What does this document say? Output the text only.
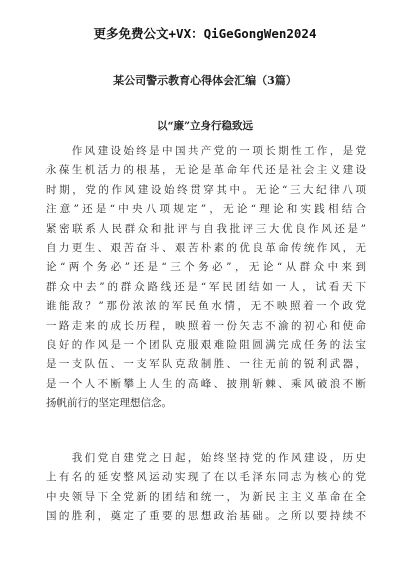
更多免费公文+VX：QiGeGongWen2024
某公司警示教育心得体会汇编（3篇）
以“廉”立身行稳致远
　　作风建设始终是中国共产党的一项长期性工作，是党
永葆生机活力的根基，无论是革命年代还是社会主义建设
时期，党的作风建设始终贯穿其中。无论“三大纪律八项
注意”还是“中央八项规定”，无论“理论和实践相结合
紧密联系人民群众和批评与自我批评三大优良作风还是”
自力更生、艰苦奋斗、艰苦朴素的优良革命传统作风，无
论“两个务必”还是“三个务必”，无论“从群众中来到
群众中去”的群众路线还是“军民团结如一人，试看天下
谁能敌？”那份浓浓的军民鱼水情，无不映照着一个政党
一路走来的成长历程，映照着一份矢志不渝的初心和使命
良好的作风是一个团队克服艰难险阻圆满完成任务的法宝
是一支队伍、一支军队克敌制胜、一往无前的锐利武器，
是一个人不断攀上人生的高峰、披荆斩棘、乘风破浪不断
扬帆前行的坚定理想信念。
　　我们党自建党之日起，始终坚持党的作风建设，历史
上有名的延安整风运动实现了在以毛泽东同志为核心的党
中央领导下全党新的团结和统一，为新民主主义革命在全
国的胜利，奠定了重要的思想政治基础。之所以要持续不
